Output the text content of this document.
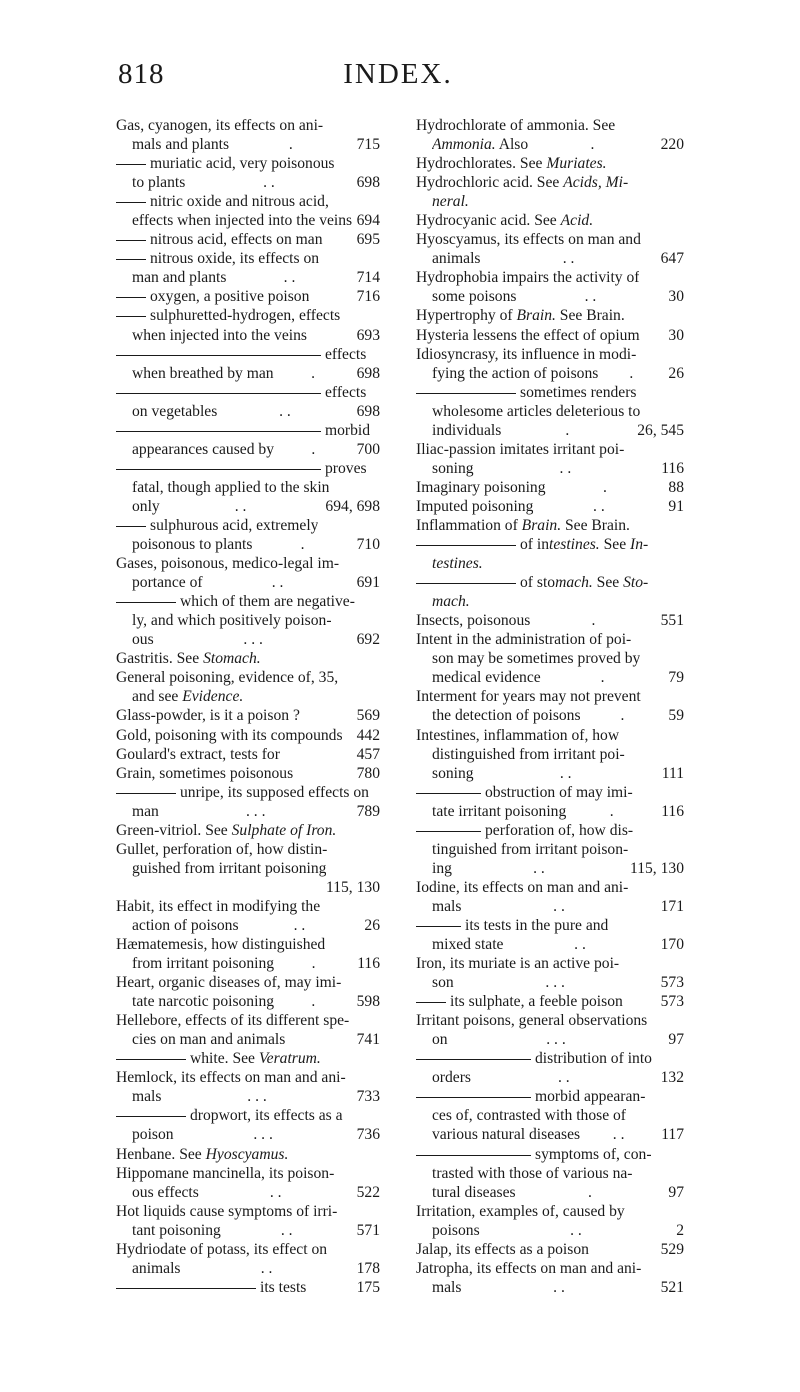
818	INDEX.
Gas, cyanogen, its effects on ani-
mals and plants	.	715
muriatic acid, very poisonous
to plants	. .	698
nitric oxide and nitrous acid,
effects when injected into the veins 694
nitrous acid, effects on man 695
nitrous oxide, its effects on
man and plants	. .	714
oxygen, a positive poison	716
sulphuretted-hydrogen, effects
when injected into the veins	693
effects
when breathed by man	.	698
effects
on vegetables	. .	698
morbid
appearances caused by	.	700
proves
fatal, though applied to the skin
only	. .	694, 698
sulphurous acid, extremely
poisonous to plants	.	710
Gases, poisonous, medico-legal im-
portance of	. .	691
which of them are negative-
ly, and which positively poison-
ous	. . .	692
Gastritis. See Stomach.
General poisoning, evidence of, 35,
and see Evidence.
Glass-powder, is it a poison ?	569
Gold, poisoning with its compounds 442
Goulard's extract, tests for	457
Grain, sometimes poisonous	780
unripe, its supposed effects on
man	. . .	789
Green-vitriol. See Sulphate of Iron.
Gullet, perforation of, how distin-
guished from irritant poisoning
115, 130
Habit, its effect in modifying the
action of poisons	. .	26
Hæmatemesis, how distinguished
from irritant poisoning	.	116
Heart, organic diseases of, may imi-
tate narcotic poisoning	.	598
Hellebore, effects of its different spe-
cies on man and animals	741
white. See Veratrum.
Hemlock, its effects on man and ani-
mals	. . .	733
dropwort, its effects as a
poison	. . .	736
Henbane. See Hyoscyamus.
Hippomane mancinella, its poison-
ous effects	. .	522
Hot liquids cause symptoms of irri-
tant poisoning	. .	571
Hydriodate of potass, its effect on
animals	. .	178
its tests	175
Hydrochlorate of ammonia. See
Ammonia. Also	.	220
Hydrochlorates. See Muriates.
Hydrochloric acid. See Acids, Mi-
neral.
Hydrocyanic acid. See Acid.
Hyoscyamus, its effects on man and
animals	. .	647
Hydrophobia impairs the activity of
some poisons	. .	30
Hypertrophy of Brain. See Brain.
Hysteria lessens the effect of opium 30
Idiosyncrasy, its influence in modi-
fying the action of poisons	.	26
sometimes renders
wholesome articles deleterious to
individuals	.	26, 545
Iliac-passion imitates irritant poi-
soning	. .	116
Imaginary poisoning	.	88
Imputed poisoning	. .	91
Inflammation of Brain. See Brain.
of intestines. See In-
testines.
of stomach. See Sto-
mach.
Insects, poisonous	.	551
Intent in the administration of poi-
son may be sometimes proved by
medical evidence	.	79
Interment for years may not prevent
the detection of poisons	.	59
Intestines, inflammation of, how
distinguished from irritant poi-
soning	. .	111
obstruction of may imi-
tate irritant poisoning	.	116
perforation of, how dis-
tinguished from irritant poison-
ing	. .	115, 130
Iodine, its effects on man and ani-
mals	. .	171
its tests in the pure and
mixed state	. .	170
Iron, its muriate is an active poi-
son	. . .	573
its sulphate, a feeble poison 573
Irritant poisons, general observations
on	. . .	97
distribution of into
orders	. .	132
morbid appearan-
ces of, contrasted with those of
various natural diseases	. .	117
symptoms of, con-
trasted with those of various na-
tural diseases	.	97
Irritation, examples of, caused by
poisons	. .	2
Jalap, its effects as a poison	529
Jatropha, its effects on man and ani-
mals	. .	521
